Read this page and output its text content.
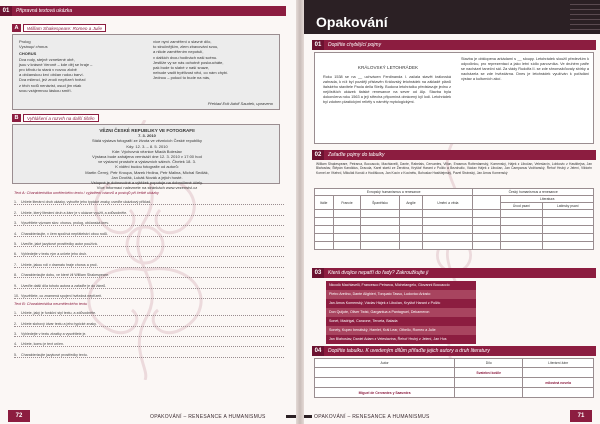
01	Připravná textová ukázka
A	William Shakespeare: Romeo a Julie
Prolog
Vystoupí chorus
CHORUS
Dva rody, stejně vznešené obě,
jsou v krásné Veroně – kde děj se hraje –
pro křivdu tu stará v novou zlobě
a občanskou krví občan rudou barví.
Dva milenci, jež zrodí nepřízeň hvězd
z těch rodů nenávist, osud jim však
svou vzájemnou láskou smíří.
více nyní zaměření o slavné dílo,
to stručnějším, zlem zbavováni svou,
a nikde zaměřením nepotulí,
v dalších dvou hodinách naši scénu.
Jestliže vy se nás ochotně posloucháte,
pak bude to slabé v naší snaze,
nebude vadit trpělivost věci, co nám chybí.
Jednou – pokud to bude na nás,
Překlad Erik Adolf Saudek, upraveno
B	Vyhlášení a rozvrh na další tištěn
VĚZNI ČESKÉ REPUBLIKY VE FOTOGRAFII
7. 3. 2010
Stálá výstava fotografií ze života ve věznicích České republiky
Kdy: 12. 3. – 8. 5. 2010
Kde: Výchovná věznice Mladá Boleslav
Výstava bude zahájena vernisáží dne 12. 3. 2010 v 17:00 hod
ve výstavní prostoře a výstavních sálech. Čtvrtek 18. 3.
K vidění budou fotografie od autorů:
Martin Černý, Petr Kroupa, Marek Hrdina, Petr Malina, Michal Sedlák,
Jan Dvořák, Lukáš Novák a jejich hosté.
Vstupné je dobrovolné a výtěžek poputuje na dobročinné účely.
Více informací naleznete na stránkách www.vezenstvi.cz
Text A: Charakteristika uměleckého textu / vyjádření názorů a postojů při četbě ukázky
1.	Určete literární druh ukázky, vytvořte jeho typické znaky, uveďte ukázkový příklad.
2.	Určete, který literární druh a žánr je v ukázce využit, a zdůvodněte.
3.	Vysvětlete význam slov: chorus, prolog, občanská krev.
4.	Charakterizujte, v čem spočívá nepřátelství obou rodů.
5.	Uveďte, jaké jazykové prostředky autor používá.
6.	Vyhledejte v textu rým a určete jeho druh.
7.	Určete, jakou roli v dramatu hraje chorus a proč.
8.	Charakterizujte dobu, ve které žil William Shakespeare.
9.	Uveďte další díla tohoto autora a zařaďte je do žánrů.
10. Vysvětlete, co znamená spojení hvězdná nepřízeň.
Text B: Charakteristika neuměleckého textu
1.	Určete, jaký je funkční styl textu, a zdůvodněte.
2.	Určete slohový útvar textu a jeho typické znaky.
3.	Vyhledejte v textu zkratky a vysvětlete je.
4.	Určete, komu je text určen.
5.	Charakterizujte jazykové prostředky textu.
72	OPAKOVÁNÍ – RENESANCE A HUMANISMUS
Opakování
01	Doplňte chybějící pojmy
KRÁLOVSKÝ LETOHRÁDEK
Roku 1538 se na __ uchvácen Ferdinanda I. začala stavět královská zahrada, k níž byl později přistavěn Královský letohrádek na základě plánů italského stavitele Paola della Stelly. Budova letohrádku představuje jednu z nejčistších ukázek italské renesance na sever od Alp. Stavba byla dokončena roku 1563 a její střecha připomíná obrácený kýl lodi. Letohrádek byl zdoben plastickými reliéfy s náměty mytologickými.
Stavba je obklopena arkádami s __ sloupy. Letohrádek sloužil především k odpočinku, pro reprezentaci a jako letní sídlo panovníka. Ve druhém patře se nacházel taneční sál. Za vlády Rudolfa II. se zde shromažďovaly sbírky a nacházela se zde hvězdárna. Dnes je letohrádek využíván k pořádání výstav a kulturních akcí.
02	Zařaďte pojmy do tabulky
William Shakespeare, Petrarca, Boccaccio, Machiavelli, Dante, Rabelais, Cervantes, Villon, Erasmus Rotterdamský, Komenský, Hájek z Libočan, Veleslavín, Lobkovic z Hasištejna, Jan Blahoslav, Štěpán Kandidus, Dracula, Karel starší ze Žerotína, Kryštof Harant z Polžic a Bezdružic, Václav Hájek z Libočan, Jan Campanus Vodňanský, Řehoř Hrubý z Jelení, Viktorin Kornel ze Všehrd, Mikuláš Konáč z Hodiškova, Jan Kocín z Kocinétu, Bohuslav Hasištejnský, Pavel Stránský, Jan Amos Komenský
Evropský humanismus a renesance					Český humanismus a renesance		
Itálie	Francie	Španělsko	Anglie	Umění a věda		Literatura	
						Úvod psaní	Latinsky psaní

03	Která dvojice nepatří do řady? Zakroužkujte ji
Niccolò Machiavelli, Francesco Petrarca, Michelangelo, Giovanni Boccaccio
Pietro Aretino, Dante Alighieri, Torquato Tasso, Ludovico Ariosto
Jan Amos Komenský, Václav Hájek z Libočan, Kryštof Harant z Polžic
Don Quijote, Oliver Twist, Gargantua a Pantagruel, Dekameron
Sonet, Madrigal, Canzone, Terceta, Balada
Sonety, Kupec benátský, Hamlet, Král Lear, Othello, Romeo a Julie
Jan Blahoslav, Daniel Adam z Veleslavína, Řehoř Hrubý z Jelení, Jan Hus
04	Doplňte tabulku. K uvedeným dílům přiřaďte jejich autory a druh literatury
Autor	Dílo	Literární žánr
	Svatební košile	
		milostná novela
Miguel de Cervantes y Saavedra		
OPAKOVÁNÍ – RENESANCE A HUMANISMUS	71
